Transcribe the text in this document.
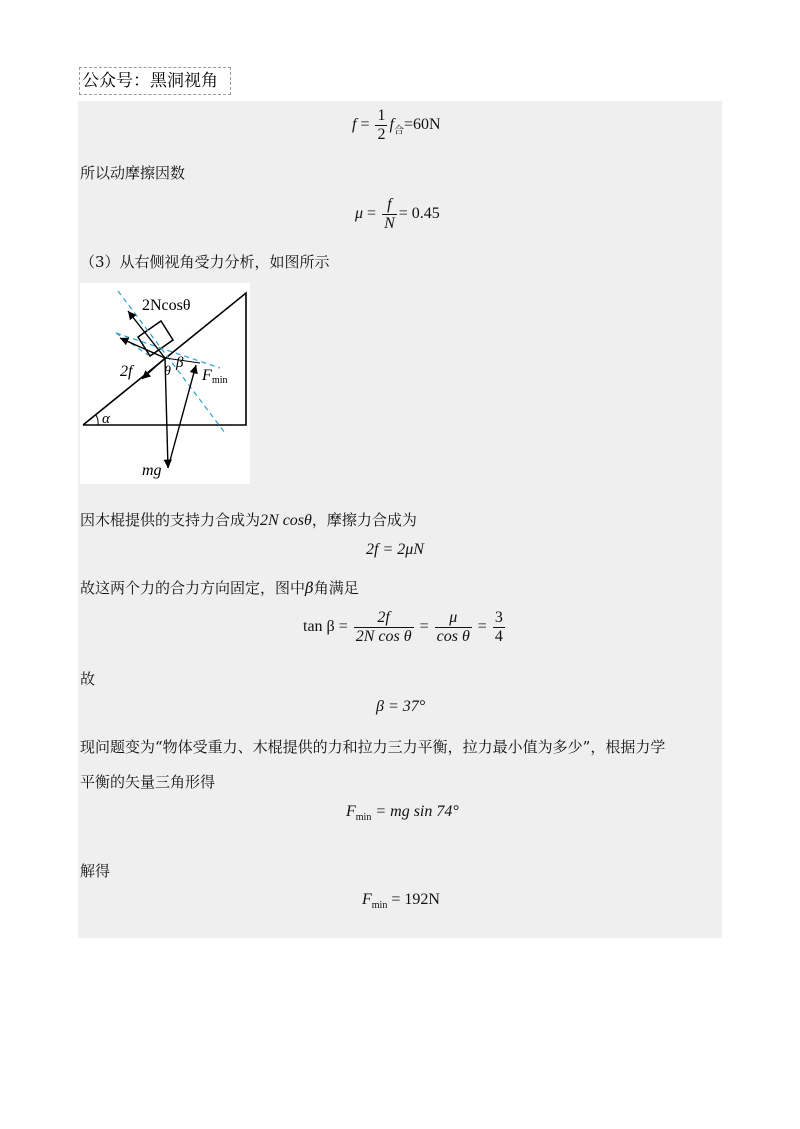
公众号：黑洞视角
$f = \frac{1}{2} f_合=60N$
所以动摩擦因数
$\mu = \frac{f}{N} = 0.45$
（3）从右侧视角受力分析，如图所示
2Ncosθ
2f θ
β
F min
α
mg
因木棍提供的支持力合成为2N cosθ，摩擦力合成为
2f = 2μN
故这两个力的合力方向固定，图中β角满足
$\tan \beta = \frac{2f}{\text{2N cos θ}} = \frac{\mu}{\text{cos θ}} = \frac{3}{4}$
故
β = 37°
现问题变为“物体受重力、木棍提供的力和拉力三力平衡，拉力最小值为多少”，根据力学
平衡的矢量三角形得
$F_{min}$ = mg sin 74°
解得
$F_{min} = 192N$
